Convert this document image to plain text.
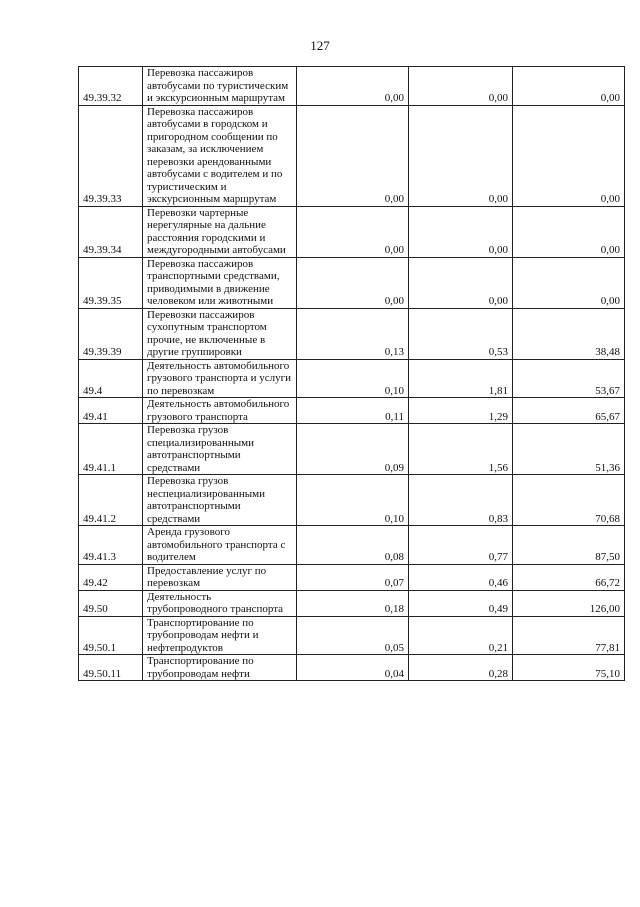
127
49.39.32	Перевозка пассажиров автобусами по туристическим и экскурсионным маршрутам	0,00	0,00	0,00
49.39.33	Перевозка пассажиров автобусами в городском и пригородном сообщении по заказам, за исключением перевозки арендованными автобусами с водителем и по туристическим и экскурсионным маршрутам	0,00	0,00	0,00
49.39.34	Перевозки чартерные нерегулярные на дальние расстояния городскими и междугородными автобусами	0,00	0,00	0,00
49.39.35	Перевозка пассажиров транспортными средствами, приводимыми в движение человеком или животными	0,00	0,00	0,00
49.39.39	Перевозки пассажиров сухопутным транспортом прочие, не включенные в другие группировки	0,13	0,53	38,48
49.4	Деятельность автомобильного грузового транспорта и услуги по перевозкам	0,10	1,81	53,67
49.41	Деятельность автомобильного грузового транспорта	0,11	1,29	65,67
49.41.1	Перевозка грузов специализированными автотранспортными средствами	0,09	1,56	51,36
49.41.2	Перевозка грузов неспециализированными автотранспортными средствами	0,10	0,83	70,68
49.41.3	Аренда грузового автомобильного транспорта с водителем	0,08	0,77	87,50
49.42	Предоставление услуг по перевозкам	0,07	0,46	66,72
49.50	Деятельность трубопроводного транспорта	0,18	0,49	126,00
49.50.1	Транспортирование по трубопроводам нефти и нефтепродуктов	0,05	0,21	77,81
49.50.11	Транспортирование по трубопроводам нефти	0,04	0,28	75,10
